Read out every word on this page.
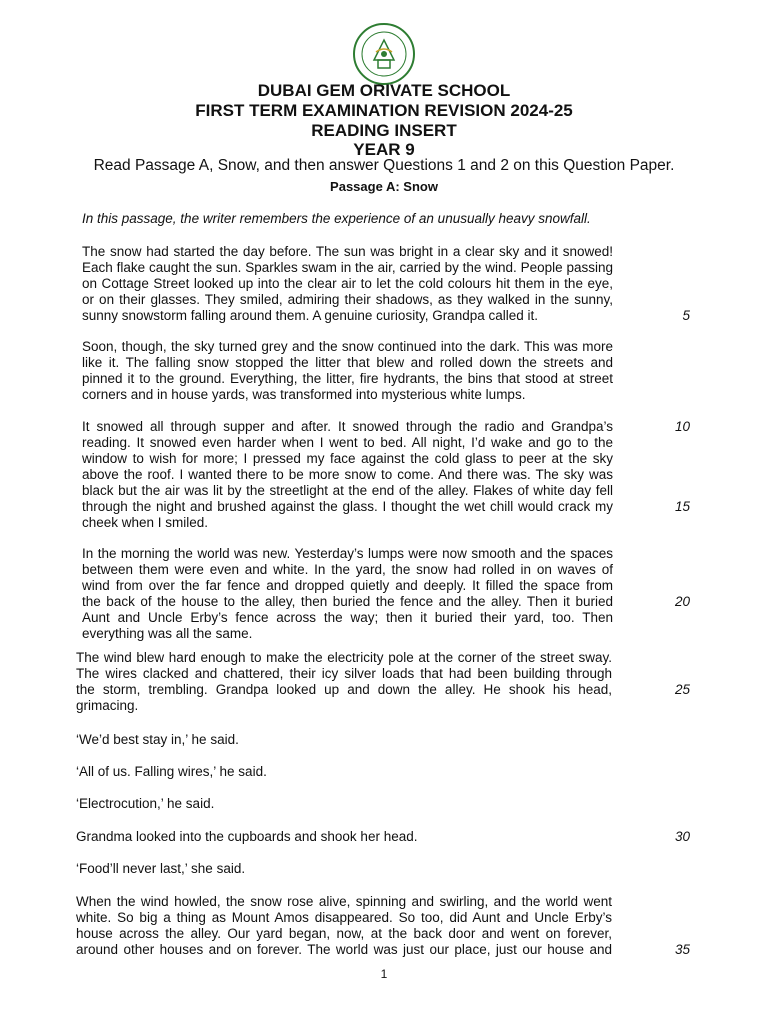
DUBAI GEM ORIVATE SCHOOL
FIRST TERM EXAMINATION REVISION 2024-25
READING INSERT
YEAR 9
Read Passage A, Snow, and then answer Questions 1 and 2 on this Question Paper.
Passage A: Snow
In this passage, the writer remembers the experience of an unusually heavy snowfall.
The snow had started the day before. The sun was bright in a clear sky and it snowed!
Each flake caught the sun. Sparkles swam in the air, carried by the wind. People passing
on Cottage Street looked up into the clear air to let the cold colours hit them in the eye,
or on their glasses. They smiled, admiring their shadows, as they walked in the sunny,
sunny snowstorm falling around them. A genuine curiosity, Grandpa called it.
Soon, though, the sky turned grey and the snow continued into the dark. This was more
like it. The falling snow stopped the litter that blew and rolled down the streets and
pinned it to the ground. Everything, the litter, fire hydrants, the bins that stood at street
corners and in house yards, was transformed into mysterious white lumps.
It snowed all through supper and after. It snowed through the radio and Grandpa’s
reading. It snowed even harder when I went to bed. All night, I’d wake and go to the
window to wish for more; I pressed my face against the cold glass to peer at the sky
above the roof. I wanted there to be more snow to come. And there was. The sky was
black but the air was lit by the streetlight at the end of the alley. Flakes of white day fell
through the night and brushed against the glass. I thought the wet chill would crack my
cheek when I smiled.
In the morning the world was new. Yesterday’s lumps were now smooth and the spaces
between them were even and white. In the yard, the snow had rolled in on waves of
wind from over the far fence and dropped quietly and deeply. It filled the space from
the back of the house to the alley, then buried the fence and the alley. Then it buried
Aunt and Uncle Erby’s fence across the way; then it buried their yard, too. Then
everything was all the same.
The wind blew hard enough to make the electricity pole at the corner of the street sway.
The wires clacked and chattered, their icy silver loads that had been building through
the storm, trembling. Grandpa looked up and down the alley. He shook his head,
grimacing.
‘We’d best stay in,’ he said.
‘All of us. Falling wires,’ he said.
‘Electrocution,’ he said.
Grandma looked into the cupboards and shook her head.
‘Food’ll never last,’ she said.
When the wind howled, the snow rose alive, spinning and swirling, and the world went
white. So big a thing as Mount Amos disappeared. So too, did Aunt and Uncle Erby’s
house across the alley. Our yard began, now, at the back door and went on forever,
around other houses and on forever. The world was just our place, just our house and
5
10
15
20
25
30
35
1
